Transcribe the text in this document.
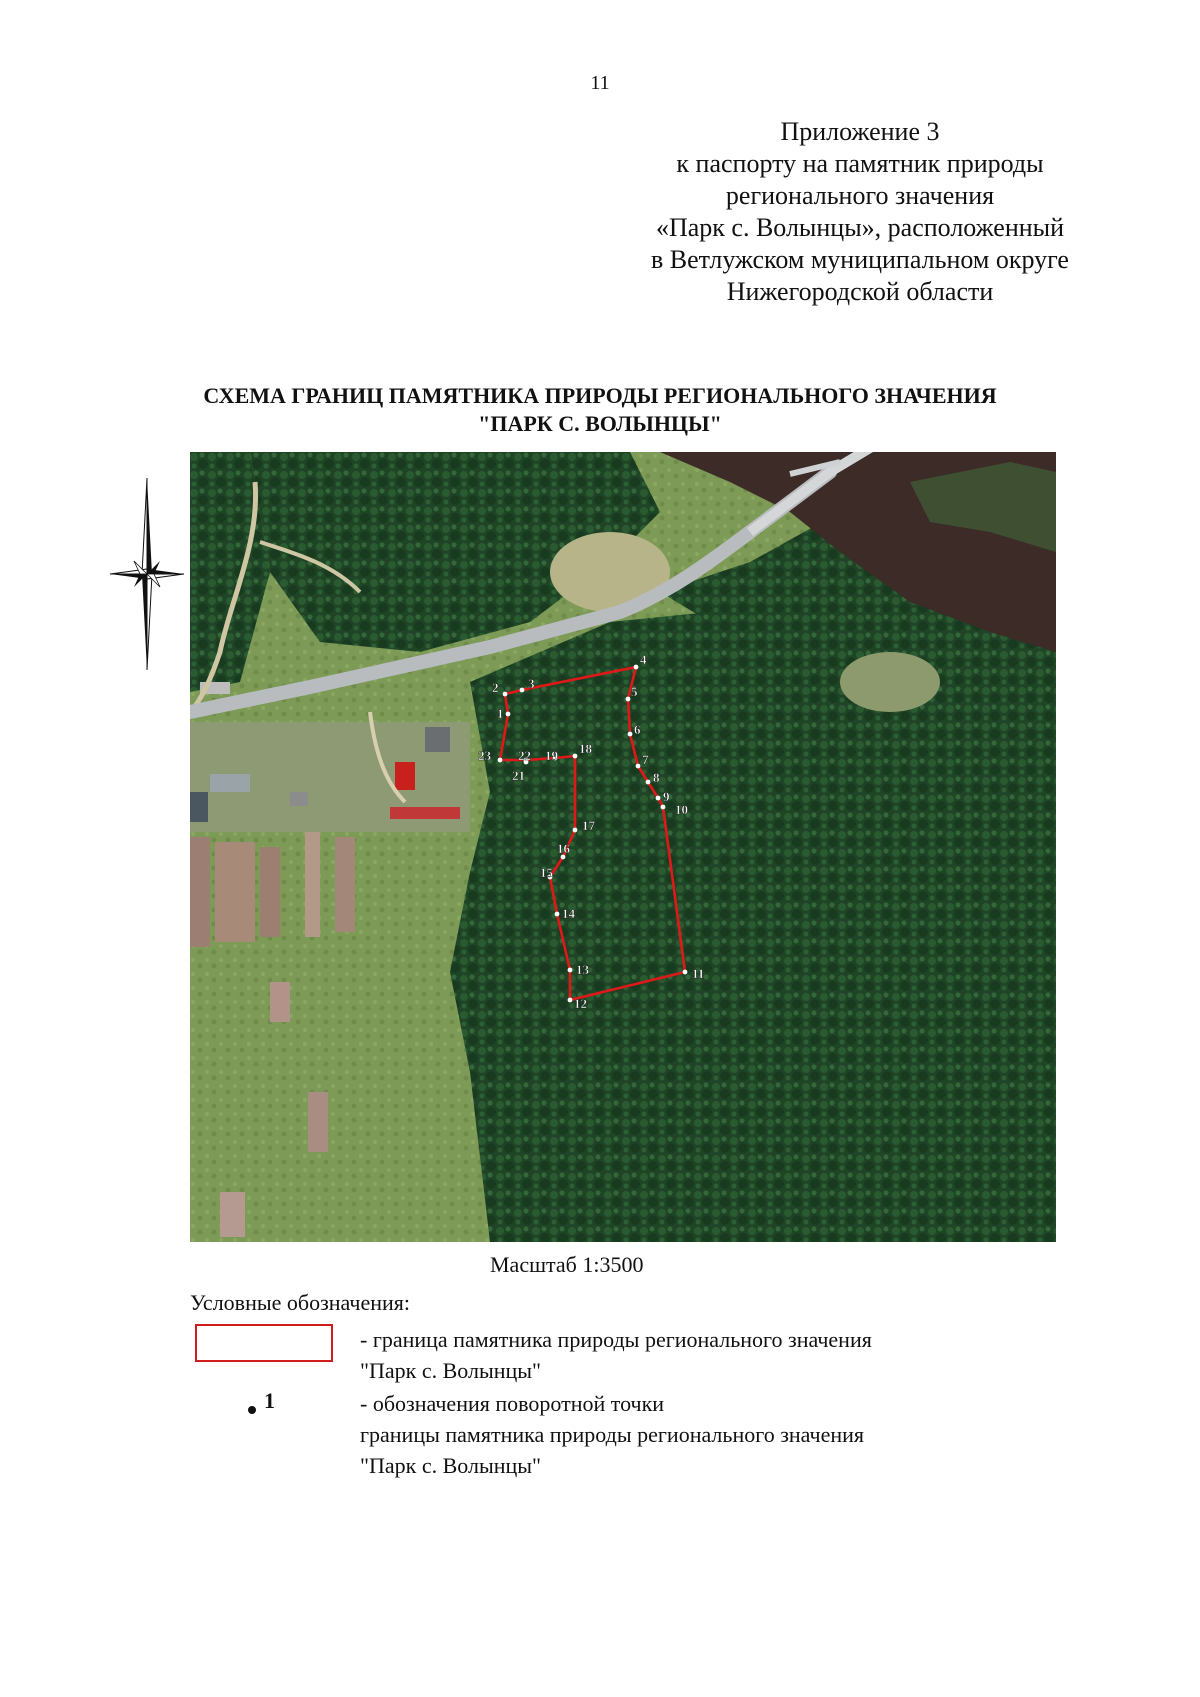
11
Приложение 3
к паспорту на памятник природы
регионального значения
«Парк с. Волынцы», расположенный
в Ветлужском муниципальном округе
Нижегородской области
СХЕМА ГРАНИЦ ПАМЯТНИКА ПРИРОДЫ РЕГИОНАЛЬНОГО ЗНАЧЕНИЯ
"ПАРК С. ВОЛЫНЦЫ"
1
2 3
4
5
6
7
8
9
10
11
12
13
14
15
16
17
18
19
21
22
23
Масштаб 1:3500
Условные обозначения:
- граница памятника природы регионального значения
"Парк с. Волынцы"
1	- обозначения поворотной точки
границы памятника природы регионального значения
"Парк с. Волынцы"
